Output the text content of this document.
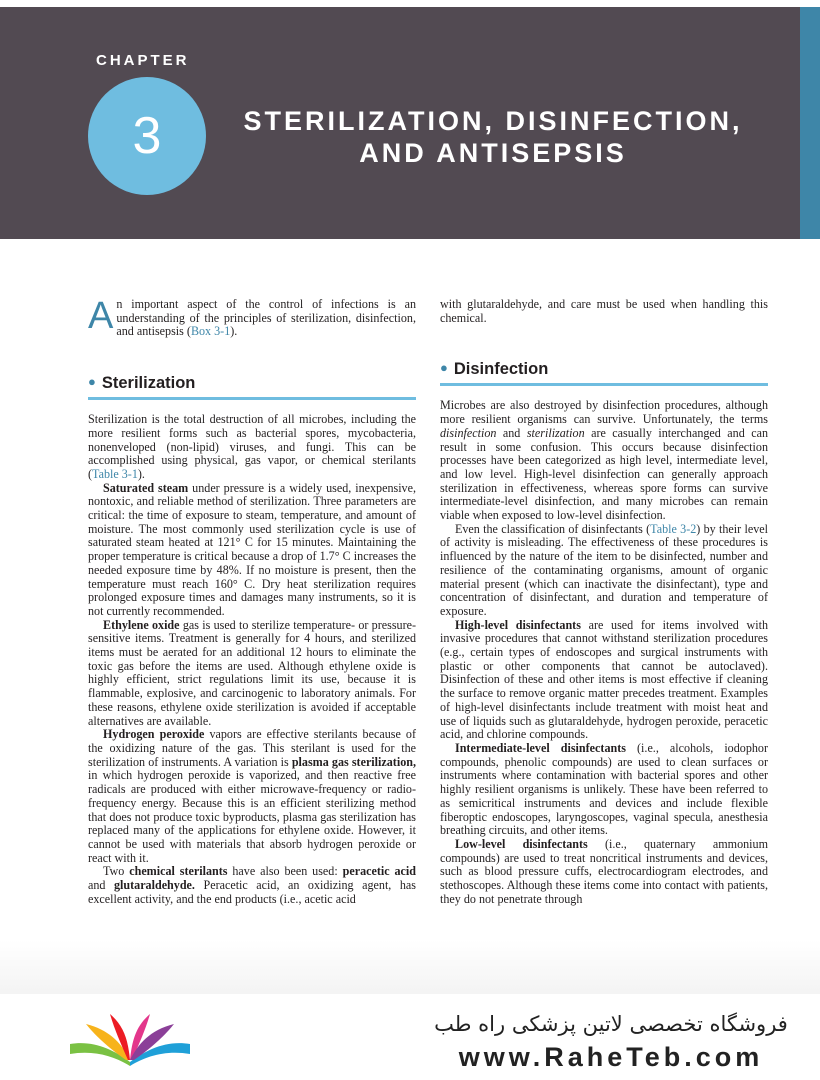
CHAPTER
3	STERILIZATION, DISINFECTION,
AND ANTISEPSIS

An important aspect of the control of infections is an understanding of the principles of sterilization, disinfection, and antisepsis (Box 3-1).

● Sterilization

Sterilization is the total destruction of all microbes, including the more resilient forms such as bacterial spores, mycobacteria, nonenveloped (non-lipid) viruses, and fungi. This can be accomplished using physical, gas vapor, or chemical sterilants (Table 3-1).

Saturated steam under pressure is a widely used, inexpensive, nontoxic, and reliable method of sterilization. Three parameters are critical: the time of exposure to steam, temperature, and amount of moisture. The most commonly used sterilization cycle is use of saturated steam heated at 121° C for 15 minutes. Maintaining the proper temperature is critical because a drop of 1.7° C increases the needed exposure time by 48%. If no moisture is present, then the temperature must reach 160° C. Dry heat sterilization requires prolonged exposure times and damages many instruments, so it is not currently recommended.

Ethylene oxide gas is used to sterilize temperature- or pressure-sensitive items. Treatment is generally for 4 hours, and sterilized items must be aerated for an additional 12 hours to eliminate the toxic gas before the items are used. Although ethylene oxide is highly efficient, strict regulations limit its use, because it is flammable, explosive, and carcinogenic to laboratory animals. For these reasons, ethylene oxide sterilization is avoided if acceptable alternatives are available.

Hydrogen peroxide vapors are effective sterilants because of the oxidizing nature of the gas. This sterilant is used for the sterilization of instruments. A variation is plasma gas sterilization, in which hydrogen peroxide is vaporized, and then reactive free radicals are produced with either microwave-frequency or radio-frequency energy. Because this is an efficient sterilizing method that does not produce toxic byproducts, plasma gas sterilization has replaced many of the applications for ethylene oxide. However, it cannot be used with materials that absorb hydrogen peroxide or react with it.

Two chemical sterilants have also been used: peracetic acid and glutaraldehyde. Peracetic acid, an oxidizing agent, has excellent activity, and the end products (i.e., acetic acid

with glutaraldehyde, and care must be used when handling this chemical.

● Disinfection

Microbes are also destroyed by disinfection procedures, although more resilient organisms can survive. Unfortunately, the terms disinfection and sterilization are casually interchanged and can result in some confusion. This occurs because disinfection processes have been categorized as high level, intermediate level, and low level. High-level disinfection can generally approach sterilization in effectiveness, whereas spore forms can survive intermediate-level disinfection, and many microbes can remain viable when exposed to low-level disinfection.

Even the classification of disinfectants (Table 3-2) by their level of activity is misleading. The effectiveness of these procedures is influenced by the nature of the item to be disinfected, number and resilience of the contaminating organisms, amount of organic material present (which can inactivate the disinfectant), type and concentration of disinfectant, and duration and temperature of exposure.

High-level disinfectants are used for items involved with invasive procedures that cannot withstand sterilization procedures (e.g., certain types of endoscopes and surgical instruments with plastic or other components that cannot be autoclaved). Disinfection of these and other items is most effective if cleaning the surface to remove organic matter precedes treatment. Examples of high-level disinfectants include treatment with moist heat and use of liquids such as glutaraldehyde, hydrogen peroxide, peracetic acid, and chlorine compounds.

Intermediate-level disinfectants (i.e., alcohols, iodophor compounds, phenolic compounds) are used to clean surfaces or instruments where contamination with bacterial spores and other highly resilient organisms is unlikely. These have been referred to as semicritical instruments and devices and include flexible fiberoptic endoscopes, laryngoscopes, vaginal specula, anesthesia breathing circuits, and other items.

Low-level disinfectants (i.e., quaternary ammonium compounds) are used to treat noncritical instruments and devices, such as blood pressure cuffs, electrocardiogram electrodes, and stethoscopes. Although these items come into contact with patients, they do not penetrate through

فروشگاه تخصصی لاتین پزشکی راه طب
www.RaheTeb.com
